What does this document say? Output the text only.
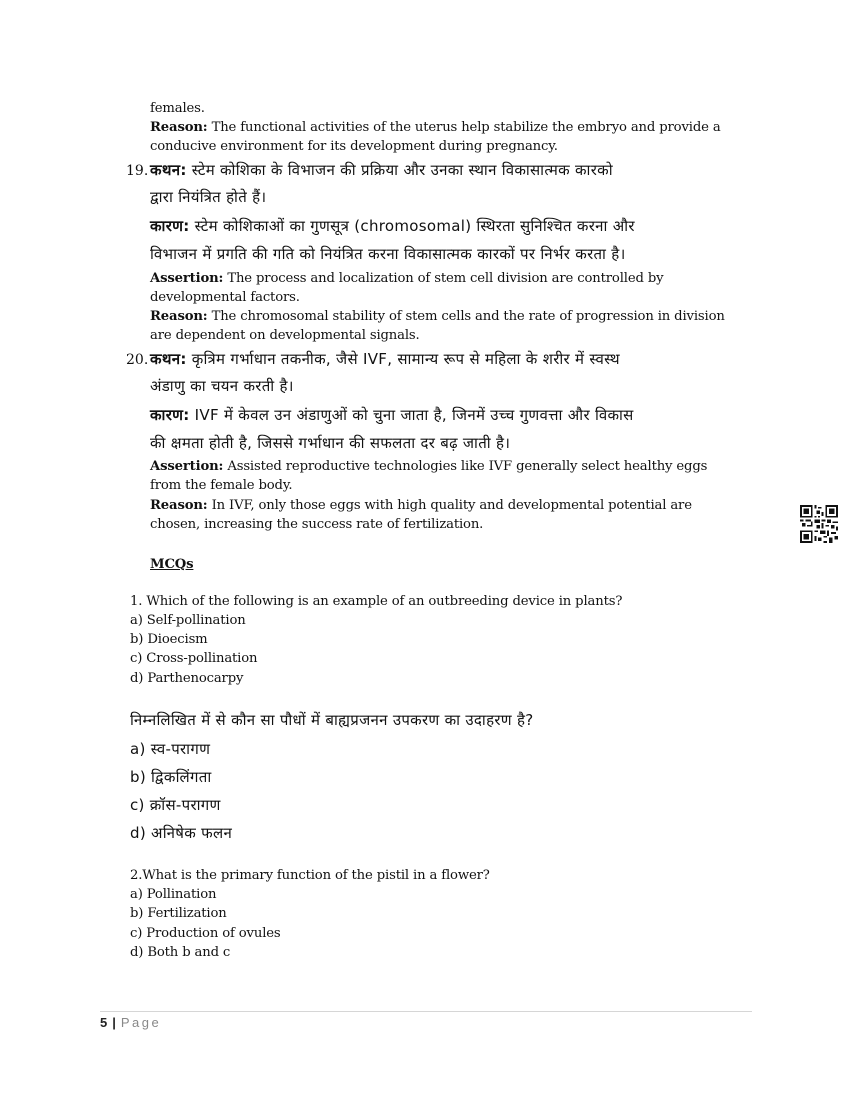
females.
Reason: The functional activities of the uterus help stabilize the embryo and provide a
conducive environment for its development during pregnancy.
19. कथन: स्टेम कोशिका के विभाजन की प्रक्रिया और उनका स्थान विकासात्मक कारको
द्वारा नियंत्रित होते हैं।
कारण: स्टेम कोशिकाओं का गुणसूत्र (chromosomal) स्थिरता सुनिश्चित करना और
विभाजन में प्रगति की गति को नियंत्रित करना विकासात्मक कारकों पर निर्भर करता है।
Assertion: The process and localization of stem cell division are controlled by
developmental factors.
Reason: The chromosomal stability of stem cells and the rate of progression in division
are dependent on developmental signals.
20. कथन: कृत्रिम गर्भाधान तकनीक, जैसे IVF, सामान्य रूप से महिला के शरीर में स्वस्थ
अंडाणु का चयन करती है।
कारण: IVF में केवल उन अंडाणुओं को चुना जाता है, जिनमें उच्च गुणवत्ता और विकास
की क्षमता होती है, जिससे गर्भाधान की सफलता दर बढ़ जाती है।
Assertion: Assisted reproductive technologies like IVF generally select healthy eggs
from the female body.
Reason: In IVF, only those eggs with high quality and developmental potential are
chosen, increasing the success rate of fertilization.
MCQs
1. Which of the following is an example of an outbreeding device in plants?
a) Self-pollination
b) Dioecism
c) Cross-pollination
d) Parthenocarpy
निम्नलिखित में से कौन सा पौधों में बाह्यप्रजनन उपकरण का उदाहरण है?
a) स्व-परागण
b) द्विकलिंगता
c) क्रॉस-परागण
d) अनिषेक फलन
2.What is the primary function of the pistil in a flower?
a) Pollination
b) Fertilization
c) Production of ovules
d) Both b and c
5 | Page
